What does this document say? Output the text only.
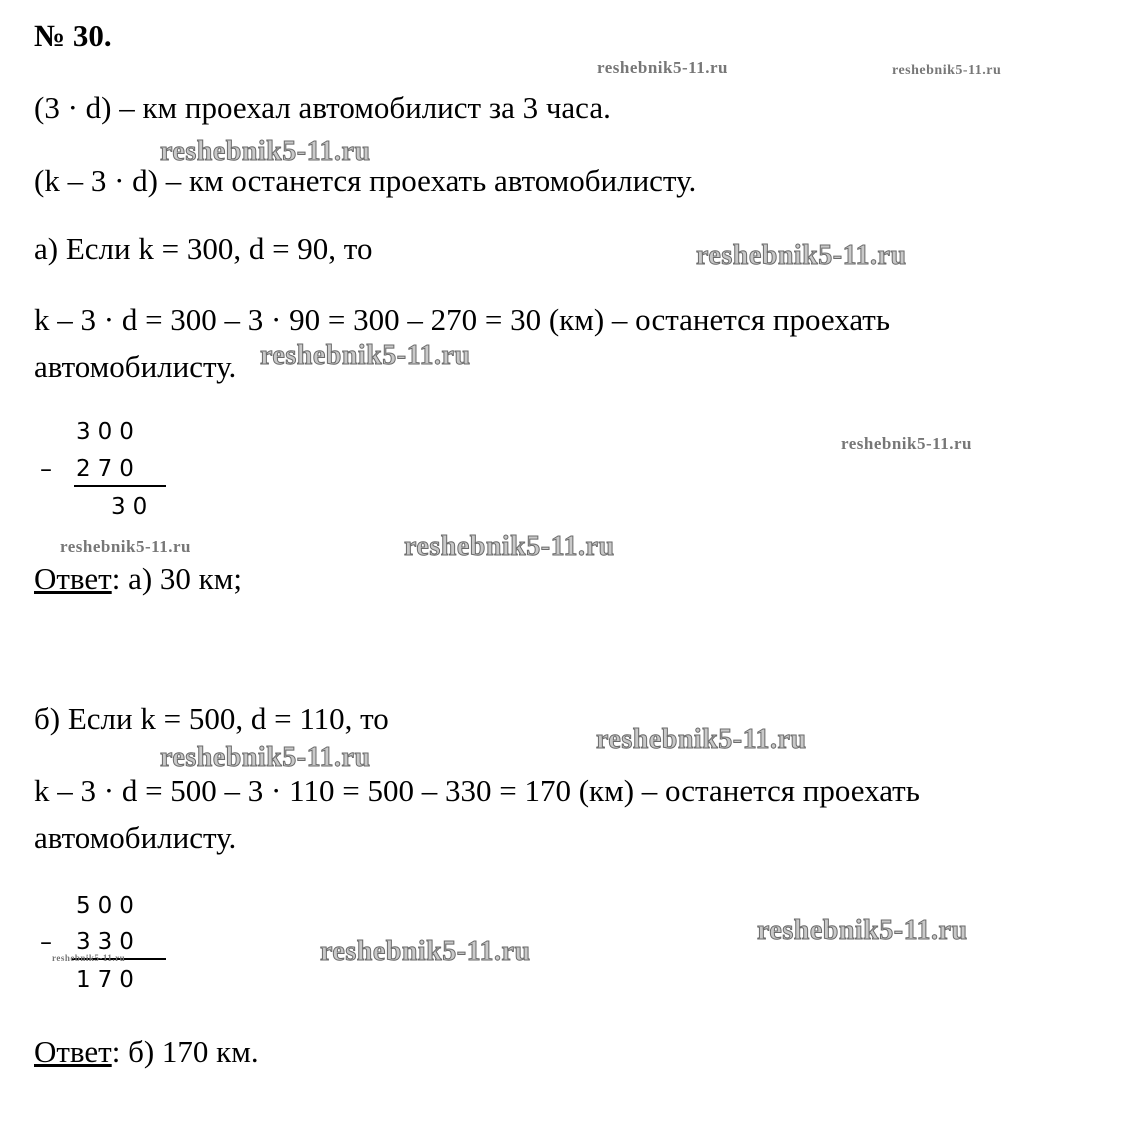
№ 30.
(3 · d) – км проехал автомобилист за 3 часа.
(k – 3 · d) – км останется проехать автомобилисту.
а) Если k = 300, d = 90, то
k – 3 · d = 300 – 3 · 90 = 300 – 270 = 30 (км) – останется проехать
автомобилисту.
300
– 270
30
Ответ: а) 30 км;
б) Если k = 500, d = 110, то
k – 3 · d = 500 – 3 · 110 = 500 – 330 = 170 (км) – останется проехать
автомобилисту.
500
– 330
170
Ответ: б) 170 км.
reshebnik5-11.ru	reshebnik5-11.ru
reshebnik5-11.ru
reshebnik5-11.ru
reshebnik5-11.ru
reshebnik5-11.ru
reshebnik5-11.ru	reshebnik5-11.ru
reshebnik5-11.ru
reshebnik5-11.ru
reshebnik5-11.ru
reshebnik5-11.ru
reshebnik5-11.ru
